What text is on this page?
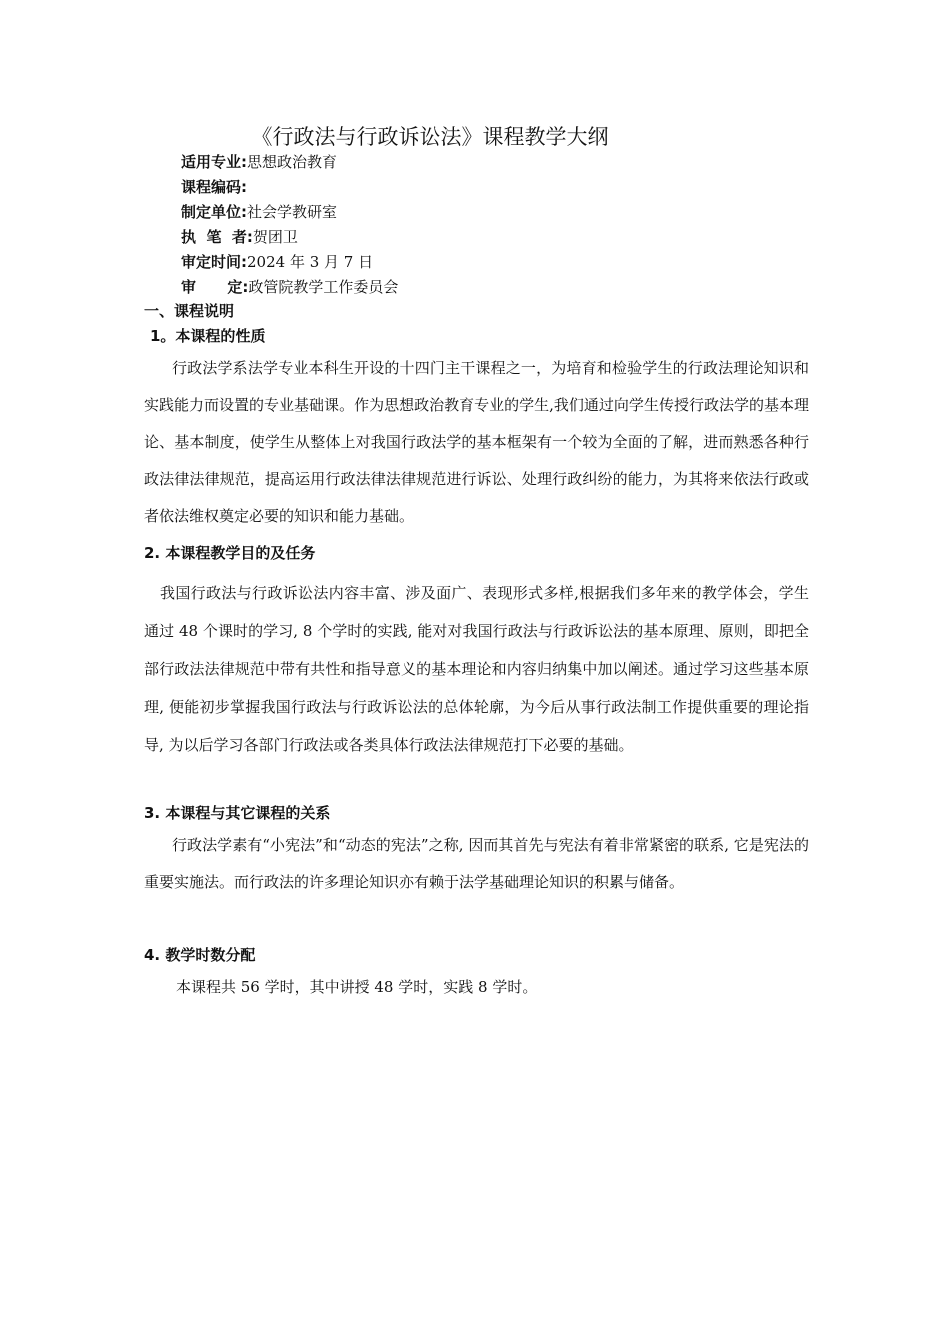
《行政法与行政诉讼法》课程教学大纲
适用专业:思想政治教育
课程编码:
制定单位:社会学教研室
执  笔  者:贺团卫
审定时间:2024 年 3 月 7 日
审      定:政管院教学工作委员会
一、课程说明
1。本课程的性质

行政法学系法学专业本科生开设的十四门主干课程之一，为培育和检验学生的行政法理论知识和实践能力而设置的专业基础课。作为思想政治教育专业的学生,我们通过向学生传授行政法学的基本理论、基本制度，使学生从整体上对我国行政法学的基本框架有一个较为全面的了解，进而熟悉各种行政法律法律规范，提高运用行政法律法律规范进行诉讼、处理行政纠纷的能力，为其将来依法行政或者依法维权奠定必要的知识和能力基础。

2. 本课程教学目的及任务

我国行政法与行政诉讼法内容丰富、涉及面广、表现形式多样,根据我们多年来的教学体会，学生通过 48 个课时的学习, 8 个学时的实践, 能对对我国行政法与行政诉讼法的基本原理、原则，即把全部行政法法律规范中带有共性和指导意义的基本理论和内容归纳集中加以阐述。通过学习这些基本原理, 便能初步掌握我国行政法与行政诉讼法的总体轮廓，为今后从事行政法制工作提供重要的理论指导, 为以后学习各部门行政法或各类具体行政法法律规范打下必要的基础。

3. 本课程与其它课程的关系

行政法学素有“小宪法”和“动态的宪法”之称, 因而其首先与宪法有着非常紧密的联系, 它是宪法的重要实施法。而行政法的许多理论知识亦有赖于法学基础理论知识的积累与储备。

4. 教学时数分配

本课程共 56 学时，其中讲授 48 学时，实践 8 学时。
